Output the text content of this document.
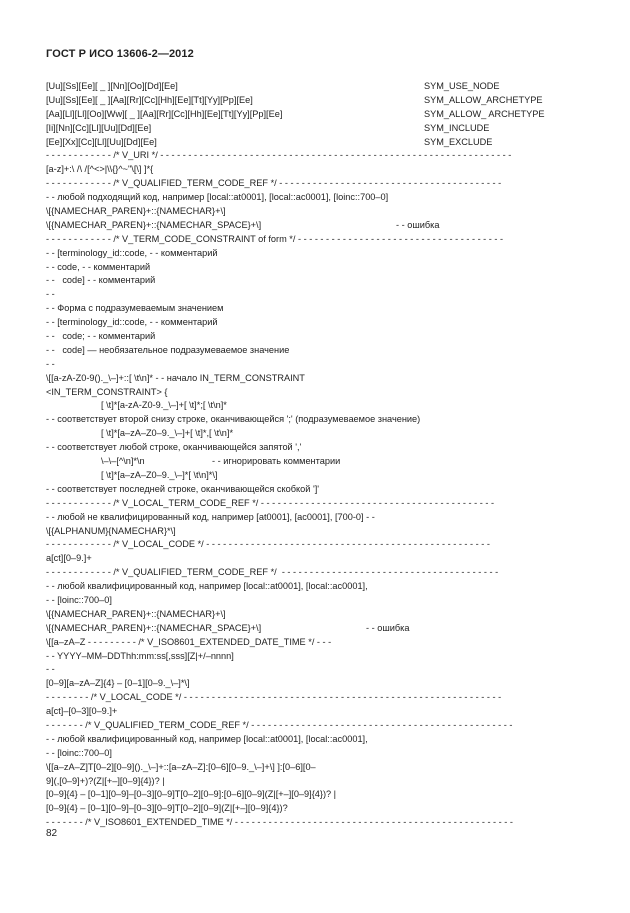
ГОСТ Р ИСО 13606-2—2012
[Uu][Ss][Ee][ _ ][Nn][Oo][Dd][Ee]	SYM_USE_NODE
[Uu][Ss][Ee][ _ ][Aa][Rr][Cc][Hh][Ee][Tt][Yy][Pp][Ee]	SYM_ALLOW_ARCHETYPE
[Aa][Ll][Ll][Oo][Ww][ _ ][Aa][Rr][Cc][Hh][Ee][Tt][Yy][Pp][Ee]	SYM_ALLOW_ ARCHETYPE
[Ii][Nn][Cc][Ll][Uu][Dd][Ee]	SYM_INCLUDE
[Ee][Xx][Cc][Ll][Uu][Dd][Ee]	SYM_EXCLUDE
- - - - - - - - - - - - /* V_URI */ - - - - - - - - - - - - - - - - - - - - - - - - - - - - - - - - - - - - - - - - - - - - - - - - - - - - - - - - - - - - - - -
[a-z]+:\ /\ /[^<>|\\{}^~"\[\] ]*{
- - - - - - - - - - - - /* V_QUALIFIED_TERM_CODE_REF */ - - - - - - - - - - - - - - - - - - - - - - - - - - - - - - - - - - - - - - - -
- - любой подходящий код, например [local::at0001], [local::ac0001], [loinc::700–0]
\[{NAMECHAR_PAREN}+::{NAMECHAR}+\]
\[{NAMECHAR_PAREN}+::{NAMECHAR_SPACE}+\]	- - ошибка
- - - - - - - - - - - - /* V_TERM_CODE_CONSTRAINT of form */ - - - - - - - - - - - - - - - - - - - - - - - - - - - - - - - - - - - - -
- - [terminology_id::code, - - комментарий
- - code, - - комментарий
- -   code] - - комментарий
- -
- - Форма с подразумеваемым значением
- - [terminology_id::code, - - комментарий
- -   code; - - комментарий
- -   code] — необязательное подразумеваемое значение
- -
\[[a-zA-Z0-9()._\–]+::[ \t\n]* - - начало IN_TERM_CONSTRAINT
<IN_TERM_CONSTRAINT> {
[ \t]*[a-zA-Z0-9._\–]+[ \t]*;[ \t\n]*
- - соответствует второй снизу строке, оканчивающейся ';' (подразумеваемое значение)
[ \t]*[a–zA–Z0–9._\–]+[ \t]*,[ \t\n]*
- - соответствует любой строке, оканчивающейся запятой ','
\–\–[^\n]*\n	- - игнорировать комментарии
[ \t]*[a–zA–Z0–9._\–]*[ \t\n]*\]
- - соответствует последней строке, оканчивающейся скобкой ']'
- - - - - - - - - - - - /* V_LOCAL_TERM_CODE_REF */ - - - - - - - - - - - - - - - - - - - - - - - - - - - - - - - - - - - - - - - - - -
- - любой не квалифицированный код, например [at0001], [ac0001], [700-0] - -
\[{ALPHANUM}{NAMECHAR}*\]
- - - - - - - - - - - - /* V_LOCAL_CODE */ - - - - - - - - - - - - - - - - - - - - - - - - - - - - - - - - - - - - - - - - - - - - - - - - - - -
a[ct][0–9.]+
- - - - - - - - - - - - /* V_QUALIFIED_TERM_CODE_REF */  - - - - - - - - - - - - - - - - - - - - - - - - - - - - - - - - - - - - - - -
- - любой квалифицированный код, например [local::at0001], [local::ac0001],
- - [loinc::700–0]
\[{NAMECHAR_PAREN}+::{NAMECHAR}+\]
\[{NAMECHAR_PAREN}+::{NAMECHAR_SPACE}+\]	- - ошибка
\[[a–zA–Z - - - - - - - - - /* V_ISO8601_EXTENDED_DATE_TIME */ - - -
- - YYYY–MM–DDThh:mm:ss[,sss][Z|+/–nnnn]
- -
[0–9][a–zA–Z]{4} – [0–1][0–9._\–]*\]
- - - - - - - - /* V_LOCAL_CODE */ - - - - - - - - - - - - - - - - - - - - - - - - - - - - - - - - - - - - - - - - - - - - - - - - - - - - - - - - -
a[ct]–[0–3][0–9.]+
- - - - - - - /* V_QUALIFIED_TERM_CODE_REF */ - - - - - - - - - - - - - - - - - - - - - - - - - - - - - - - - - - - - - - - - - - - - - - -
- - любой квалифицированный код, например [local::at0001], [local::ac0001],
- - [loinc::700–0]
\[[a–zA–Z]T[0–2][0–9]()._\–]+::[a–zA–Z]:[0–6][0–9._\–]+\] ]:[0–6][0–
9](,[0–9]+)?(Z|[+–][0–9]{4})? |
[0–9]{4} – [0–1][0–9]–[0–3][0–9]T[0–2][0–9]:[0–6][0–9](Z|[+–][0–9]{4})? |
[0–9]{4} – [0–1][0–9]–[0–3][0–9]T[0–2][0–9](Z|[+–][0–9]{4})?
- - - - - - - /* V_ISO8601_EXTENDED_TIME */ - - - - - - - - - - - - - - - - - - - - - - - - - - - - - - - - - - - - - - - - - - - - - - - - - -
82
